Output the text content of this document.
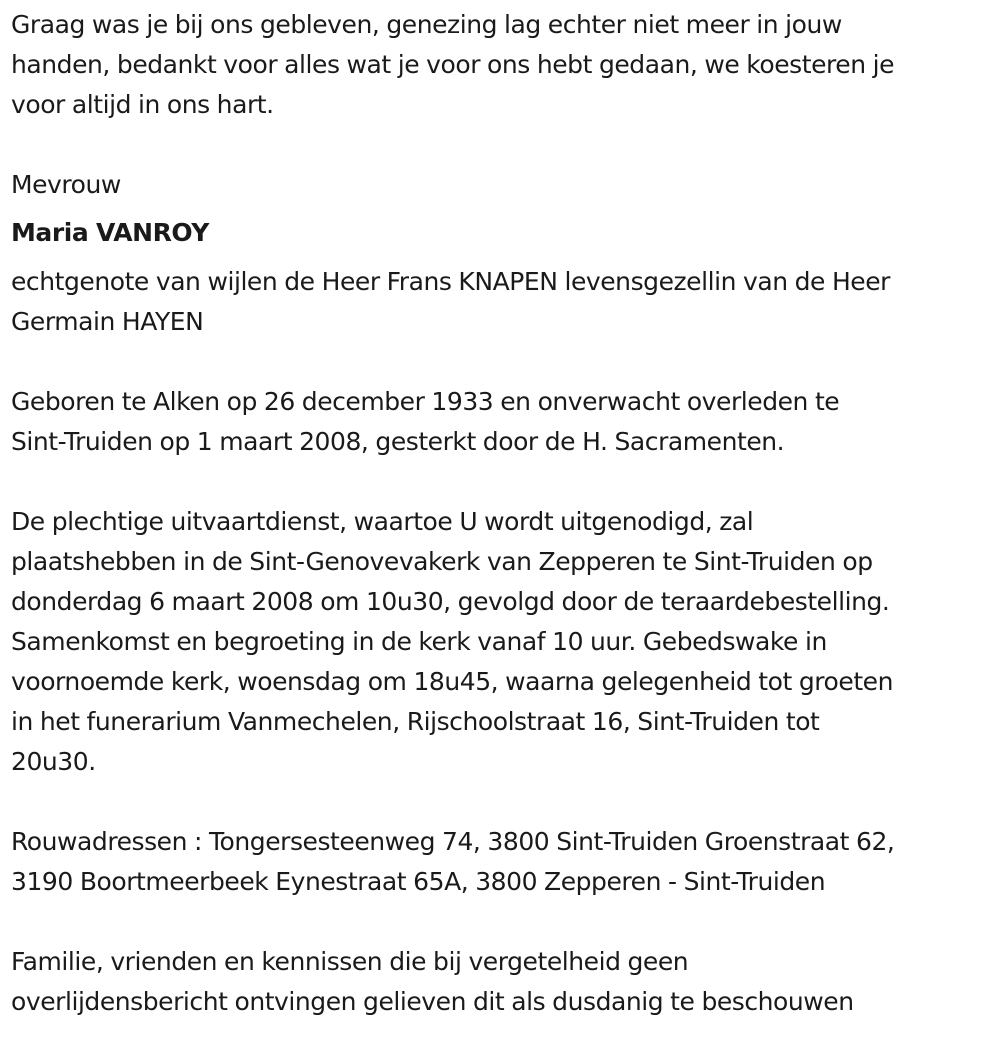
Graag was je bij ons gebleven, genezing lag echter niet meer in jouw
handen, bedankt voor alles wat je voor ons hebt gedaan, we koesteren je
voor altijd in ons hart.
Mevrouw
Maria VANROY
echtgenote van wijlen de Heer Frans KNAPEN levensgezellin van de Heer
Germain HAYEN
Geboren te Alken op 26 december 1933 en onverwacht overleden te
Sint-Truiden op 1 maart 2008, gesterkt door de H. Sacramenten.
De plechtige uitvaartdienst, waartoe U wordt uitgenodigd, zal
plaatshebben in de Sint-Genovevakerk van Zepperen te Sint-Truiden op
donderdag 6 maart 2008 om 10u30, gevolgd door de teraardebestelling.
Samenkomst en begroeting in de kerk vanaf 10 uur. Gebedswake in
voornoemde kerk, woensdag om 18u45, waarna gelegenheid tot groeten
in het funerarium Vanmechelen, Rijschoolstraat 16, Sint-Truiden tot
20u30.
Rouwadressen : Tongersesteenweg 74, 3800 Sint-Truiden Groenstraat 62,
3190 Boortmeerbeek Eynestraat 65A, 3800 Zepperen - Sint-Truiden
Familie, vrienden en kennissen die bij vergetelheid geen
overlijdensbericht ontvingen gelieven dit als dusdanig te beschouwen
